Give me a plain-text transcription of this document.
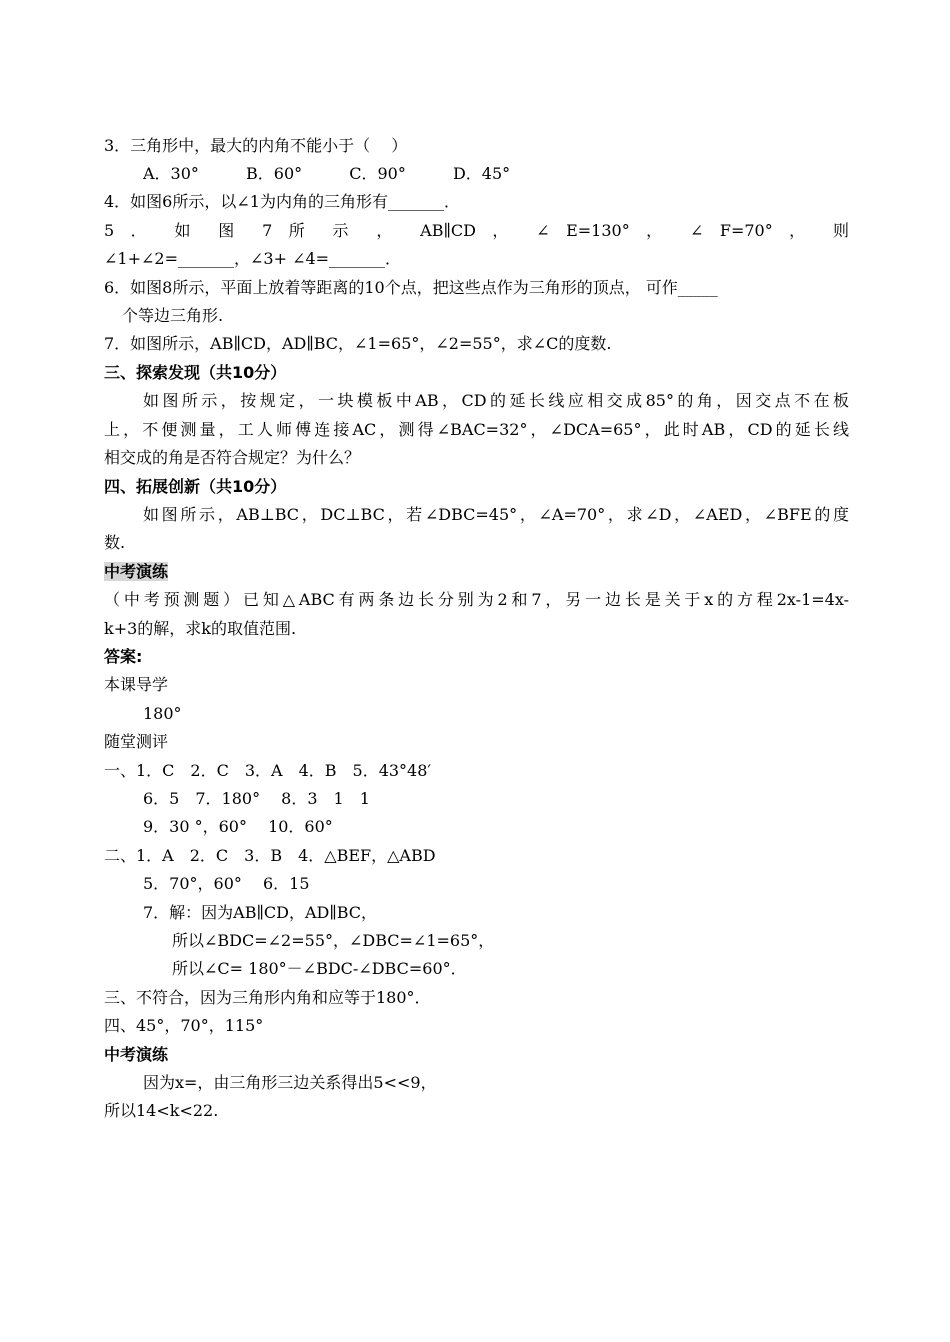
3．三角形中，最大的内角不能小于（　 ）
A．30°	B．60°	C．90°	D．45°
4．如图6所示，以∠1为内角的三角形有_______．
5 ． 如 图 7 所 示 ， AB∥CD ， ∠ E=130° ， ∠ F=70° ， 则
∠1+∠2=_______，∠3+ ∠4=_______．
6．如图8所示，平面上放着等距离的10个点，把这些点作为三角形的顶点， 可作_____
个等边三角形.
7．如图所示，AB∥CD，AD∥BC，∠1=65°，∠2=55°，求∠C的度数.
三、探索发现（共10分）
如图所示，按规定，一块模板中AB，CD的延长线应相交成85°的角，因交点不在板
上，不便测量，工人师傅连接AC，测得∠BAC=32°，∠DCA=65°，此时AB，CD的延长线
相交成的角是否符合规定？为什么？
四、拓展创新（共10分）
如图所示，AB⊥BC，DC⊥BC，若∠DBC=45°，∠A=70°，求∠D，∠AED，∠BFE的度
数.
中考演练
（中考预测题）已知△ABC有两条边长分别为2和7，另一边长是关于x的方程2x-1=4x-
k+3的解，求k的取值范围.
答案:
本课导学
180°
随堂测评
一、1．C　2．C　3．A　4．B　5．43°48′
6．5　7．180°　 8．3　1　1
9．30 °，60°　 10．60°
二、1．A　2．C　3．B　4．△BEF，△ABD
5．70°，60°　 6．15
7．解：因为AB∥CD，AD∥BC，
所以∠BDC=∠2=55°，∠DBC=∠1=65°，
所以∠C= 180°－∠BDC-∠DBC=60°．
三、不符合，因为三角形内角和应等于180°．
四、45°，70°，115°
中考演练
因为x=，由三角形三边关系得出5<<9，
所以14<k<22.
